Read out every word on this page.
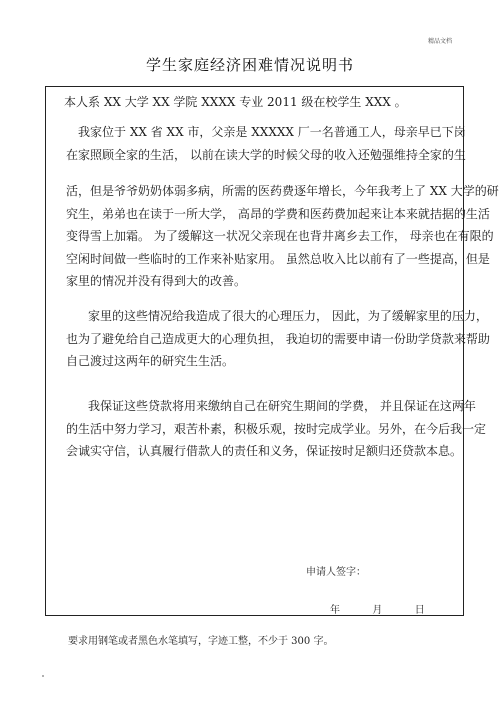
精品文档
学生家庭经济困难情况说明书
本人系 XX 大学 XX 学院 XXXX 专业 2011 级在校学生 XXX 。
我家位于 XX 省 XX 市，父亲是 XXXXX 厂一名普通工人，母亲早已下岗
在家照顾全家的生活， 以前在读大学的时候父母的收入还勉强维持全家的生
活，但是爷爷奶奶体弱多病，所需的医药费逐年增长，今年我考上了 XX 大学的研
究生，弟弟也在读于一所大学， 高昂的学费和医药费加起来让本来就拮据的生活
变得雪上加霜。 为了缓解这一状况父亲现在也背井离乡去工作， 母亲也在有限的
空闲时间做一些临时的工作来补贴家用。 虽然总收入比以前有了一些提高，但是
家里的情况并没有得到大的改善。
家里的这些情况给我造成了很大的心理压力， 因此，为了缓解家里的压力，
也为了避免给自己造成更大的心理负担， 我迫切的需要申请一份助学贷款来帮助
自己渡过这两年的研究生生活。
我保证这些贷款将用来缴纳自己在研究生期间的学费， 并且保证在这两年
的生活中努力学习，艰苦朴素，积极乐观，按时完成学业。另外，在今后我一定
会诚实守信，认真履行借款人的责任和义务，保证按时足额归还贷款本息。
申请人签字：
年	月	日
要求用钢笔或者黑色水笔填写，字迹工整，不少于 300 字。
